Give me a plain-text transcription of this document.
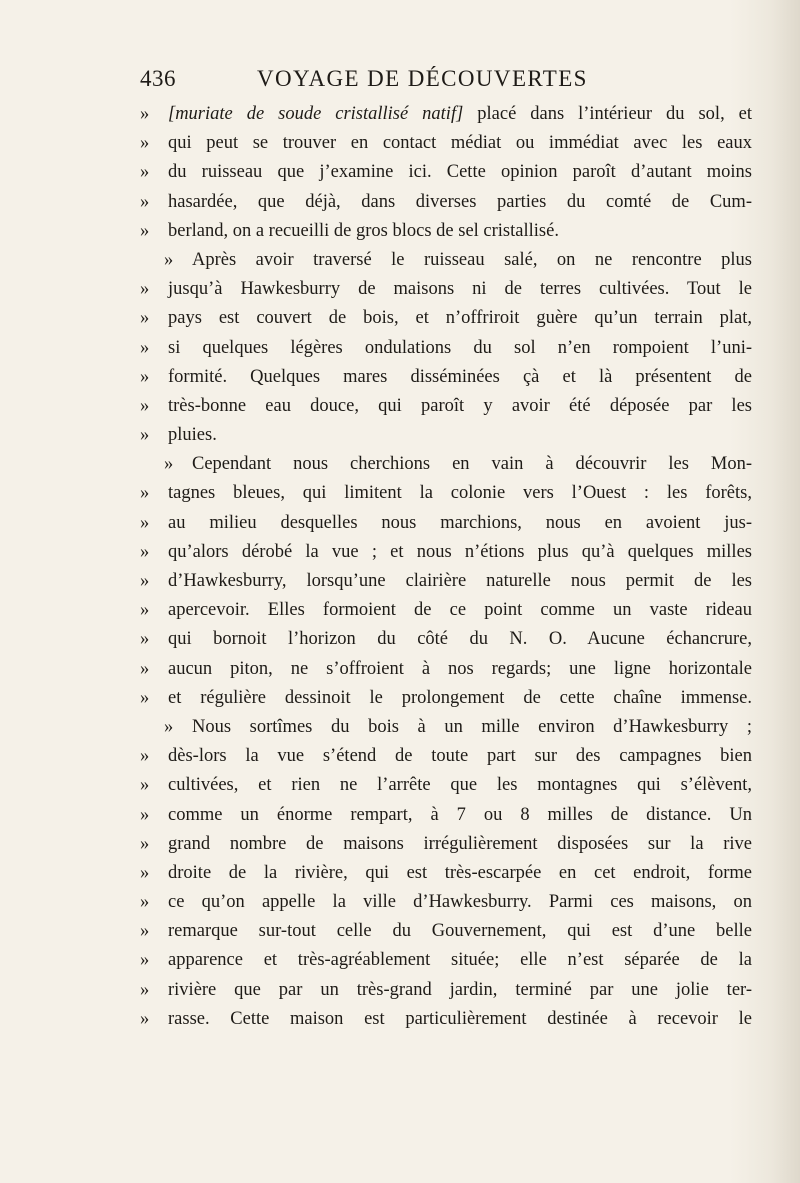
436	VOYAGE DE DÉCOUVERTES
» [muriate de soude cristallisé natif] placé dans l’intérieur du sol, et
» qui peut se trouver en contact médiat ou immédiat avec les eaux
» du ruisseau que j’examine ici. Cette opinion paroît d’autant moins
» hasardée, que déjà, dans diverses parties du comté de Cum-
» berland, on a recueilli de gros blocs de sel cristallisé.
» Après avoir traversé le ruisseau salé, on ne rencontre plus
» jusqu’à Hawkesburry de maisons ni de terres cultivées. Tout le
» pays est couvert de bois, et n’offriroit guère qu’un terrain plat,
» si quelques légères ondulations du sol n’en rompoient l’uni-
» formité. Quelques mares disséminées çà et là présentent de
» très-bonne eau douce, qui paroît y avoir été déposée par les
» pluies.
» Cependant nous cherchions en vain à découvrir les Mon-
» tagnes bleues, qui limitent la colonie vers l’Ouest : les forêts,
» au milieu desquelles nous marchions, nous en avoient jus-
» qu’alors dérobé la vue ; et nous n’étions plus qu’à quelques milles
» d’Hawkesburry, lorsqu’une clairière naturelle nous permit de les
» apercevoir. Elles formoient de ce point comme un vaste rideau
» qui bornoit l’horizon du côté du N. O. Aucune échancrure,
» aucun piton, ne s’offroient à nos regards; une ligne horizontale
» et régulière dessinoit le prolongement de cette chaîne immense.
» Nous sortîmes du bois à un mille environ d’Hawkesburry ;
» dès-lors la vue s’étend de toute part sur des campagnes bien
» cultivées, et rien ne l’arrête que les montagnes qui s’élèvent,
» comme un énorme rempart, à 7 ou 8 milles de distance. Un
» grand nombre de maisons irrégulièrement disposées sur la rive
» droite de la rivière, qui est très-escarpée en cet endroit, forme
» ce qu’on appelle la ville d’Hawkesburry. Parmi ces maisons, on
» remarque sur-tout celle du Gouvernement, qui est d’une belle
» apparence et très-agréablement située; elle n’est séparée de la
» rivière que par un très-grand jardin, terminé par une jolie ter-
» rasse. Cette maison est particulièrement destinée à recevoir le
